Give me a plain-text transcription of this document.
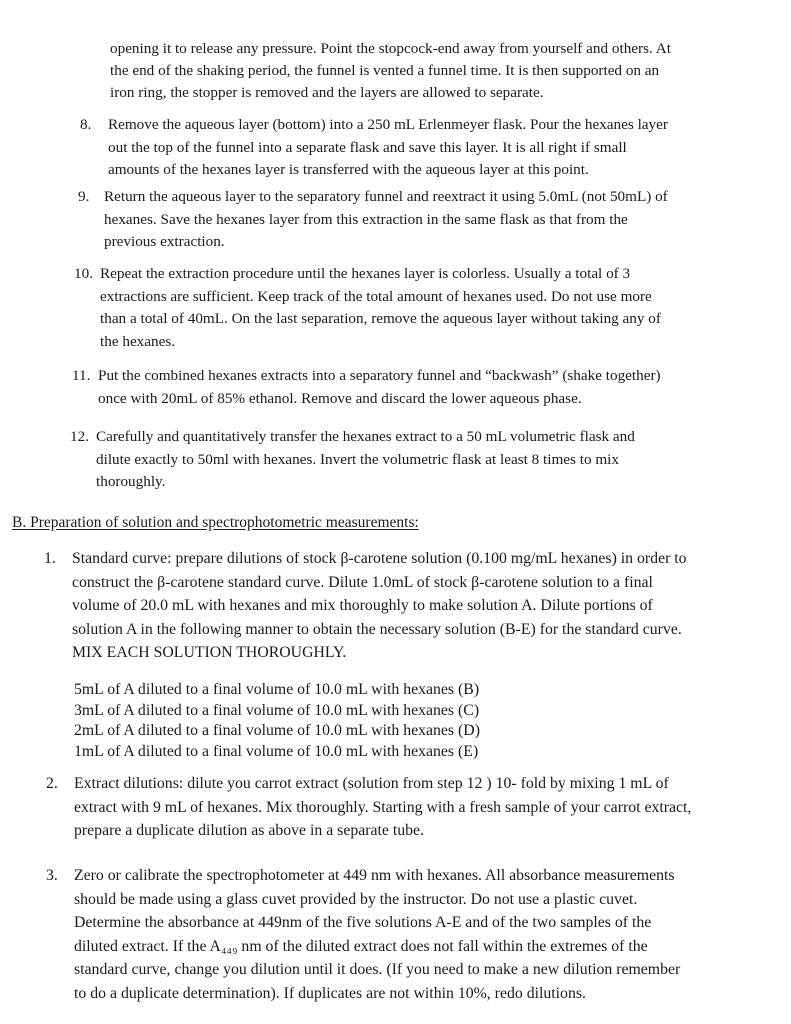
opening it to release any pressure. Point the stopcock-end away from yourself and others. At
the end of the shaking period, the funnel is vented a funnel time. It is then supported on an
iron ring, the stopper is removed and the layers are allowed to separate.
8. Remove the aqueous layer (bottom) into a 250 mL Erlenmeyer flask. Pour the hexanes layer
out the top of the funnel into a separate flask and save this layer. It is all right if small
amounts of the hexanes layer is transferred with the aqueous layer at this point.
9. Return the aqueous layer to the separatory funnel and reextract it using 5.0mL (not 50mL) of
hexanes. Save the hexanes layer from this extraction in the same flask as that from the
previous extraction.
10. Repeat the extraction procedure until the hexanes layer is colorless. Usually a total of 3
extractions are sufficient. Keep track of the total amount of hexanes used. Do not use more
than a total of 40mL. On the last separation, remove the aqueous layer without taking any of
the hexanes.
11. Put the combined hexanes extracts into a separatory funnel and “backwash” (shake together)
once with 20mL of 85% ethanol. Remove and discard the lower aqueous phase.
12. Carefully and quantitatively transfer the hexanes extract to a 50 mL volumetric flask and
dilute exactly to 50ml with hexanes. Invert the volumetric flask at least 8 times to mix
thoroughly.
B. Preparation of solution and spectrophotometric measurements:
1. Standard curve: prepare dilutions of stock β-carotene solution (0.100 mg/mL hexanes) in order to
construct the β-carotene standard curve. Dilute 1.0mL of stock β-carotene solution to a final
volume of 20.0 mL with hexanes and mix thoroughly to make solution A. Dilute portions of
solution A in the following manner to obtain the necessary solution (B-E) for the standard curve.
MIX EACH SOLUTION THOROUGHLY.
5mL of A diluted to a final volume of 10.0 mL with hexanes (B)
3mL of A diluted to a final volume of 10.0 mL with hexanes (C)
2mL of A diluted to a final volume of 10.0 mL with hexanes (D)
1mL of A diluted to a final volume of 10.0 mL with hexanes (E)
2. Extract dilutions: dilute you carrot extract (solution from step 12 ) 10- fold by mixing 1 mL of
extract with 9 mL of hexanes. Mix thoroughly. Starting with a fresh sample of your carrot extract,
prepare a duplicate dilution as above in a separate tube.
3. Zero or calibrate the spectrophotometer at 449 nm with hexanes. All absorbance measurements
should be made using a glass cuvet provided by the instructor. Do not use a plastic cuvet.
Determine the absorbance at 449nm of the five solutions A-E and of the two samples of the
diluted extract. If the A₄₄₉ nm of the diluted extract does not fall within the extremes of the
standard curve, change you dilution until it does. (If you need to make a new dilution remember
to do a duplicate determination). If duplicates are not within 10%, redo dilutions.
